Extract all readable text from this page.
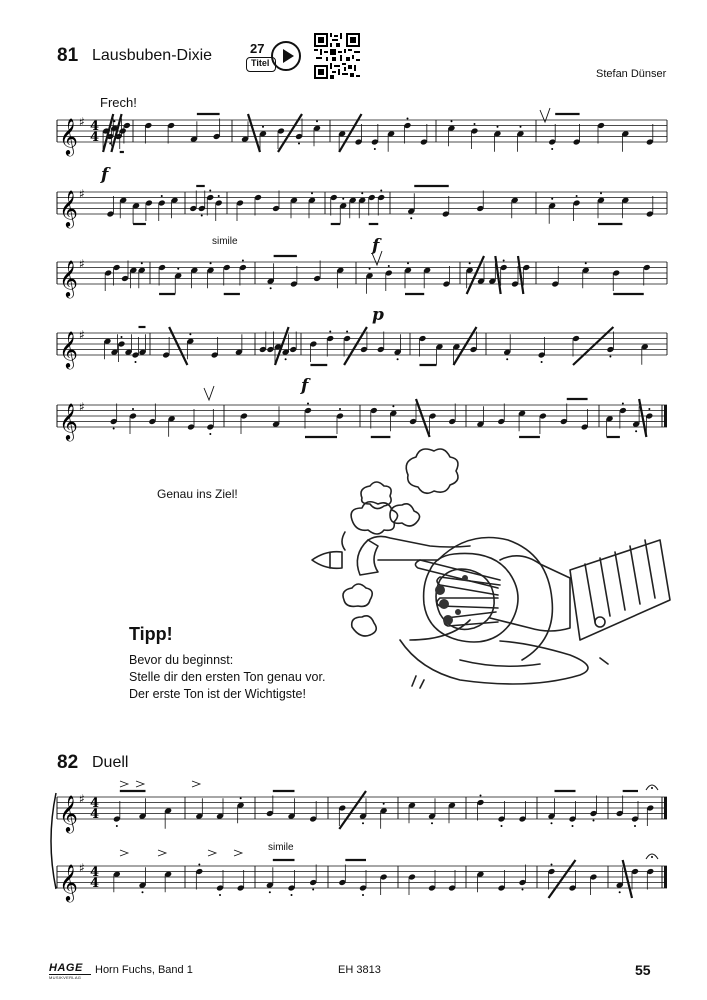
81 Lausbuben-Dixie	27
Titel
Stefan Dünser
Frech!
𝄞 ♯ 4
4
𝄞 ♯
𝄞 ♯
𝄞 ♯
𝄞 ♯
f
simile	f
p
f
Genau ins Ziel!
Tipp!
Bevor du beginnst:
Stelle dir den ersten Ton genau vor.
Der erste Ton ist der Wichtigste!
82 Duell
𝄞 ♯ 4
4
𝄞 ♯ 4
4
simile
HAGE
MUSIKVERLAG
Horn Fuchs, Band 1	EH 3813	55
